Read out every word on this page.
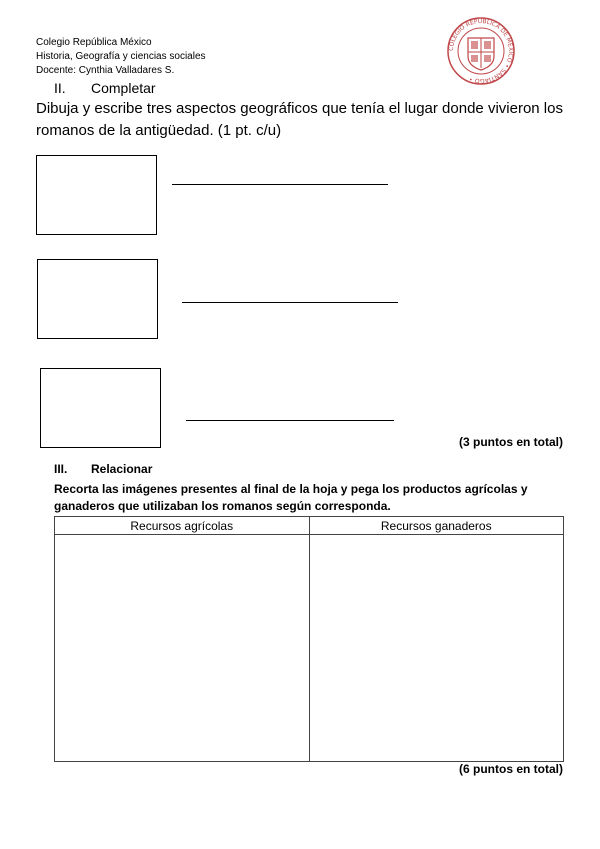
Colegio República México
Historia, Geografía y ciencias sociales
Docente: Cynthia Valladares S.
COLEGIO REPÚBLICA DE MÉXICO • SANTIAGO •
II. Completar
Dibuja y escribe tres aspectos geográficos que tenía el lugar donde vivieron los romanos de la antigüedad. (1 pt. c/u)
(3 puntos en total)
III. Relacionar
Recorta las imágenes presentes al final de la hoja y pega los productos agrícolas y ganaderos que utilizaban los romanos según corresponda.
Recursos agrícolas	Recursos ganaderos

(6 puntos en total)
